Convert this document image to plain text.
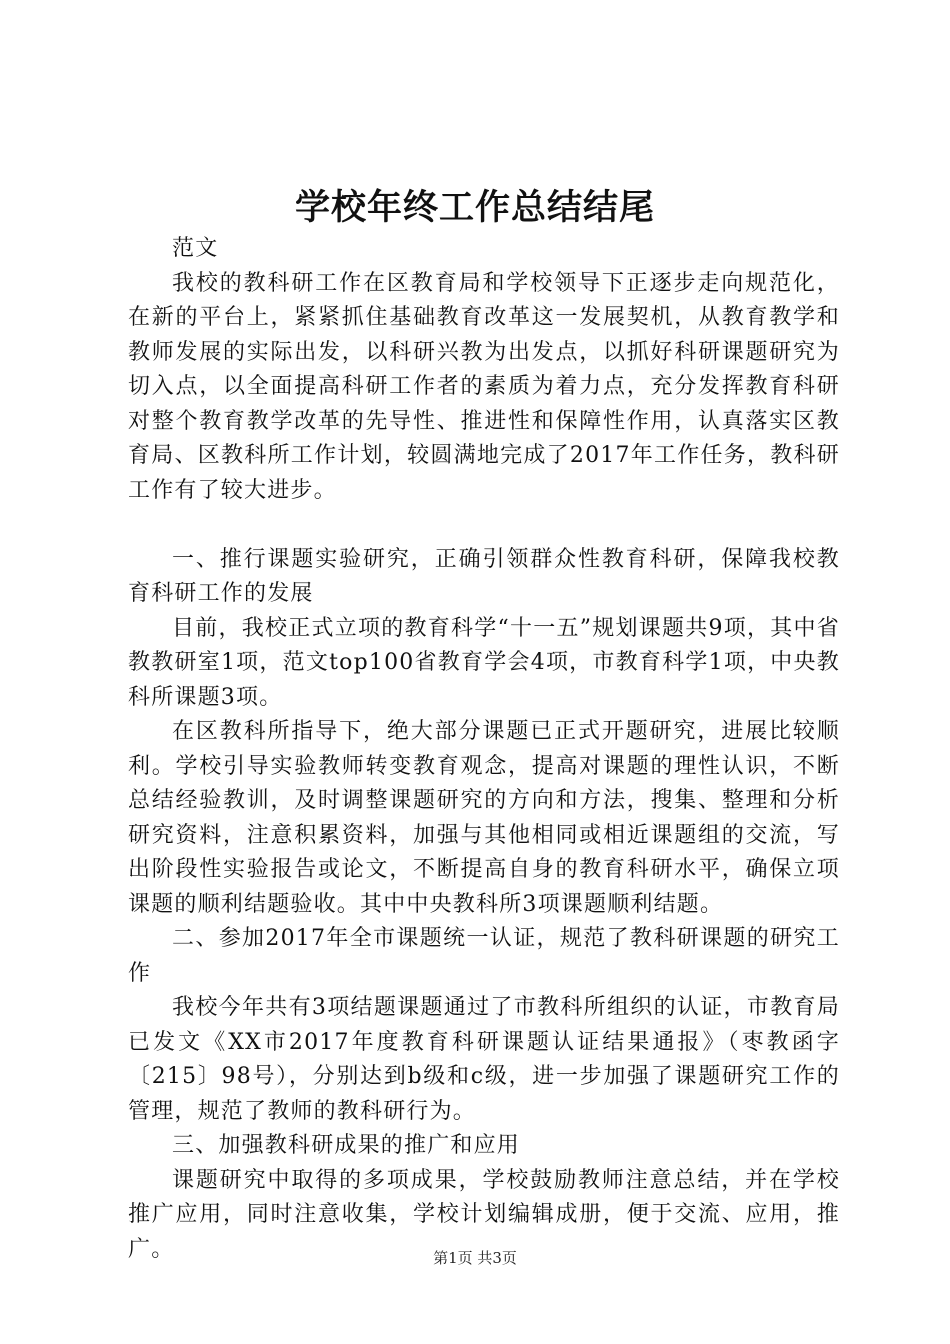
学校年终工作总结结尾

范文

我校的教科研工作在区教育局和学校领导下正逐步走向规范化，在新的平台上，紧紧抓住基础教育改革这一发展契机，从教育教学和教师发展的实际出发，以科研兴教为出发点，以抓好科研课题研究为切入点，以全面提高科研工作者的素质为着力点，充分发挥教育科研对整个教育教学改革的先导性、推进性和保障性作用，认真落实区教育局、区教科所工作计划，较圆满地完成了2017年工作任务，教科研工作有了较大进步。

一、推行课题实验研究，正确引领群众性教育科研，保障我校教育科研工作的发展

目前，我校正式立项的教育科学“十一五”规划课题共9项，其中省教教研室1项，范文top100省教育学会4项，市教育科学1项，中央教科所课题3项。

在区教科所指导下，绝大部分课题已正式开题研究，进展比较顺利。学校引导实验教师转变教育观念，提高对课题的理性认识，不断总结经验教训，及时调整课题研究的方向和方法，搜集、整理和分析研究资料，注意积累资料，加强与其他相同或相近课题组的交流，写出阶段性实验报告或论文，不断提高自身的教育科研水平，确保立项课题的顺利结题验收。其中中央教科所3项课题顺利结题。

二、参加2017年全市课题统一认证，规范了教科研课题的研究工作

我校今年共有3项结题课题通过了市教科所组织的认证，市教育局已发文《XX市2017年度教育科研课题认证结果通报》（枣教函字〔215〕98号），分别达到b级和c级，进一步加强了课题研究工作的管理，规范了教师的教科研行为。

三、加强教科研成果的推广和应用

课题研究中取得的多项成果，学校鼓励教师注意总结，并在学校推广应用，同时注意收集，学校计划编辑成册，便于交流、应用，推广。	第1页 共3页
